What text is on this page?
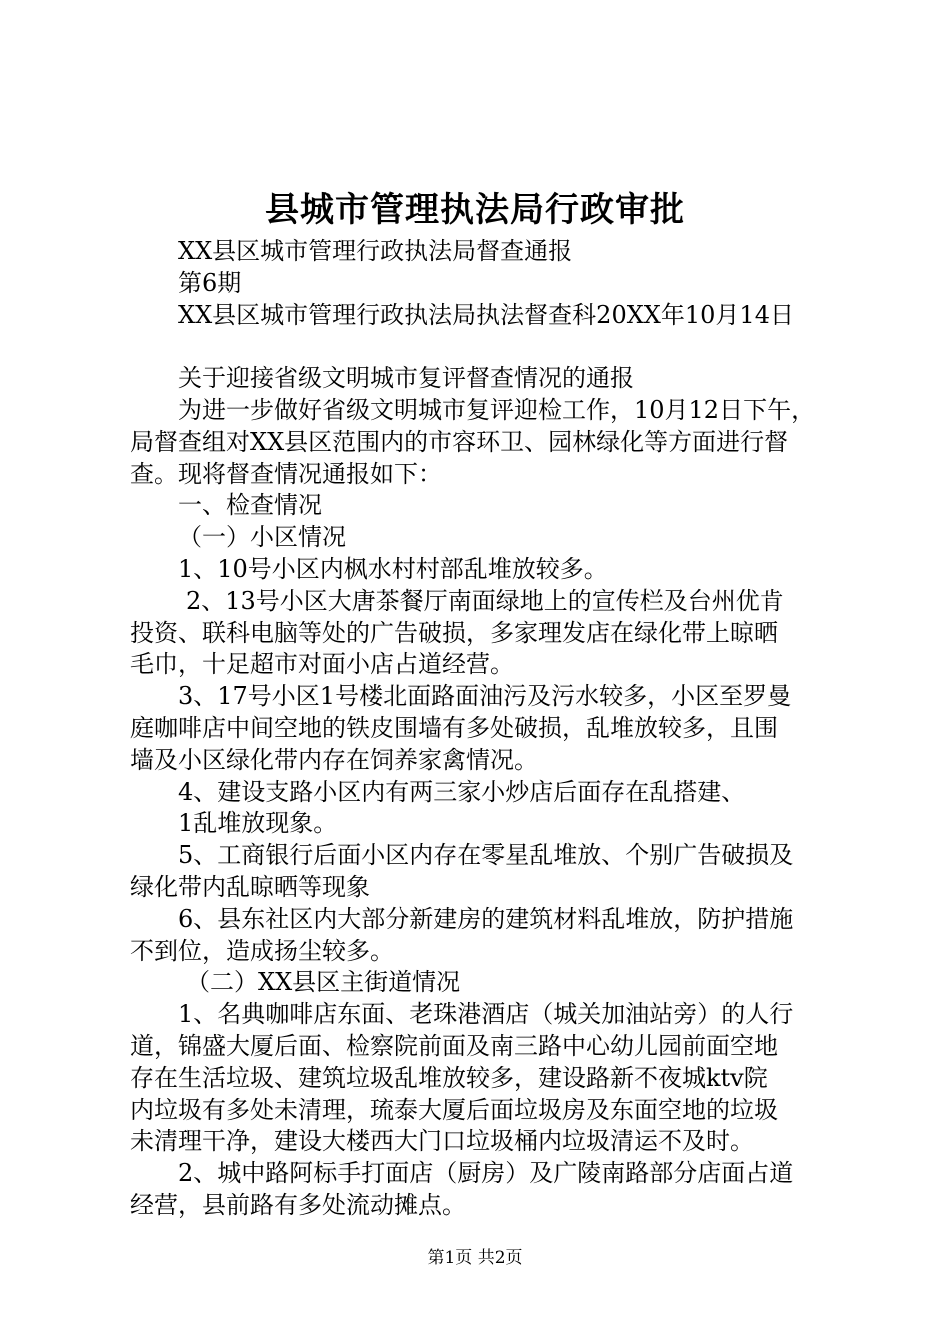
县城市管理执法局行政审批
XX县区城市管理行政执法局督查通报
第6期
XX县区城市管理行政执法局执法督查科20XX年10月14日
关于迎接省级文明城市复评督查情况的通报
为进一步做好省级文明城市复评迎检工作，10月12日下午，
局督查组对XX县区范围内的市容环卫、园林绿化等方面进行督
查。现将督查情况通报如下：
一、检查情况
（一）小区情况
1、10号小区内枫水村村部乱堆放较多。
2、13号小区大唐茶餐厅南面绿地上的宣传栏及台州优肯
投资、联科电脑等处的广告破损，多家理发店在绿化带上晾晒
毛巾，十足超市对面小店占道经营。
3、17号小区1号楼北面路面油污及污水较多，小区至罗曼
庭咖啡店中间空地的铁皮围墙有多处破损，乱堆放较多，且围
墙及小区绿化带内存在饲养家禽情况。
4、建设支路小区内有两三家小炒店后面存在乱搭建、
1乱堆放现象。
5、工商银行后面小区内存在零星乱堆放、个别广告破损及
绿化带内乱晾晒等现象
6、县东社区内大部分新建房的建筑材料乱堆放，防护措施
不到位，造成扬尘较多。
（二）XX县区主街道情况
1、名典咖啡店东面、老珠港酒店（城关加油站旁）的人行
道，锦盛大厦后面、检察院前面及南三路中心幼儿园前面空地
存在生活垃圾、建筑垃圾乱堆放较多，建设路新不夜城ktv院
内垃圾有多处未清理，琉泰大厦后面垃圾房及东面空地的垃圾
未清理干净，建设大楼西大门口垃圾桶内垃圾清运不及时。
2、城中路阿标手打面店（厨房）及广陵南路部分店面占道
经营，县前路有多处流动摊点。
第1页 共2页
